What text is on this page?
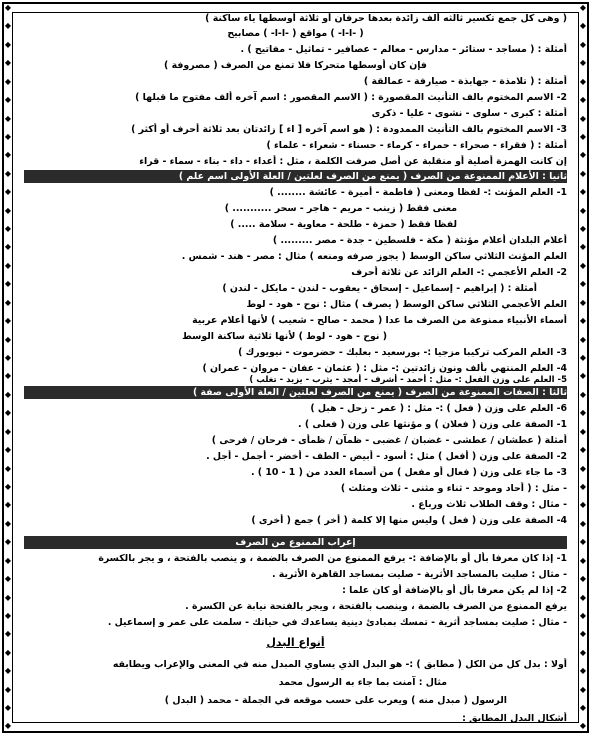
◆
◆
◆
◆
◆
◆
◆
◆
◆
◆
◆
◆
◆
◆
◆
◆
◆
◆
◆
◆
◆
◆
◆
◆
◆
◆
◆
◆
◆
◆
◆
◆
◆
◆
◆
◆
◆
◆
◆
◆
◆
◆
◆
◆
◆
◆
◆
◆
◆
◆
◆
◆
◆
◆
◆
◆
◆
◆
◆
◆
◆
◆
◆
◆
◆
◆
◆
◆
◆
◆
◆
◆
◆
◆
◆
◆
◆
◆
◆
◆
( وهى كل جمع تكسير ثالثه ألف زائدة بعدها حرفان أو ثلاثة أوسطها ياء ساكنة )
( -ا-ا- ) مواقع ( -ا-ا- ) مصابيح
أمثلة : ( مساجد - ستائر - مدارس - معالم - عصافير - تماثيل - مفاتيح ) .
فإن كان أوسطها متحركا فلا تمنع من الصرف ( مصروفة )
أمثلة : ( تلامذة - جهابذة - صيارفة - عمالقة )
2- الاسم المختوم بالف التأنيث المقصورة : ( الاسم المقصور : اسم آخره ألف مفتوح ما قبلها )
أمثلة : كبرى - سلوى - نشوى - عليا - ذكرى
3- الاسم المختوم بالف التأنيث الممدودة : ( هو اسم آخره [ اء ] زائدتان بعد ثلاثة أحرف أو أكثر )
أمثلة : ( فقراء - صحراء - حمراء - كرماء - حسناء - شعراء - علماء )
إن كانت الهمزة أصلية أو منقلبة عن أصل صرفت الكلمة ، مثل : أعداء - داء - بناء - سماء - قراء
ثانيا : الأعلام الممنوعة من الصرف ( يمنع من الصرف لعلتين / العلة الأولى اسم علم )
1- العلم المؤنث :- لفظا ومعنى ( فاطمة - أميرة - عائشة ........ )
معنى فقط ( زينب - مريم - هاجر - سحر ........... )
لفظا فقط ( حمزة - طلحة - معاوية - سلامة ..... )
أعلام البلدان أعلام مؤنثة ( مكة - فلسطين - جدة - مصر ......... )
العلم المؤنث الثلاثي ساكن الوسط ( يجوز صرفه ومنعه ) مثال : مصر - هند - شمس .
2- العلم الأعجمي :- العلم الزائد عن ثلاثة أحرف
أمثلة : ( إبراهيم - إسماعيل - إسحاق - يعقوب - لندن - مايكل - لندن )
العلم الأعجمي الثلاثي ساكن الوسط ( يصرف ) مثال : نوح - هود - لوط
أسماء الأنبياء ممنوعة من الصرف ما عدا ( محمد - صالح - شعيب ) لأنها أعلام عربية
( نوح - هود - لوط ) لأنها ثلاثية ساكنة الوسط
3- العلم المركب تركيبا مزجيا :- بورسعيد - بعلبك - حضرموت - نيويورك )
4- العلم المنتهي بألف ونون زائدتين :- مثل : ( عثمان - عفان - مروان - عمران )
5- العلم على وزن الفعل :- مثل : أحمد - أشرف - أمجد - يثرب - يزيد - تغلب )
ثالثا : الصفات الممنوعة من الصرف ( يمنع من الصرف لعلتين / العلة الأولى صفة )
6- العلم على وزن ( فعل ) :- مثل : ( عمر - زحل - هبل )
1- الصفة على وزن ( فعلان ) و مؤنثها على وزن ( فعلى ) .
أمثلة ( عطشان / عطشى - غضبان / غضبى - ظمآن / ظمأى - فرحان / فرحى )
2- الصفة على وزن ( أفعل ) مثل : أسود - أبيض - الطف - أخضر - أجمل - أجل .
3- ما جاء على وزن ( فعال أو مفعل ) من أسماء العدد من ( 1 - 10 ) .
- مثل : ( أحاد وموحد - ثناء و مثنى - ثلاث ومثلث )
- مثال : وقف الطلاب ثلاث ورباع .
4- الصفة على وزن ( فعل ) وليس منها إلا كلمة ( أخر ) جمع ( أخرى )
إعراب الممنوع من الصرف
1- إذا كان معرفا بأل أو بالإضافة :- يرفع الممنوع من الصرف بالضمة ، و ينصب بالفتحة ، و يجر بالكسرة
- مثال : صليت بالمساجد الأثرية - صليت بمساجد القاهرة الأثرية .
2- إذا لم يكن معرفا بأل أو بالإضافة أو كان علما :
يرفع الممنوع من الصرف بالضمة ، وينصب بالفتحة ، ويجر بالفتحة نيابة عن الكسرة .
- مثال : صليت بمساجد أثرية - تمسك بمبادئ دينية يساعدك في حياتك - سلمت على عمر و إسماعيل .
أنواع البدل
أولا : بدل كل من الكل ( مطابق ) :- هو البدل الذي يساوي المبدل منه في المعنى والإعراب ويطابقه
مثال : آمنت بما جاء به الرسول محمد
الرسول ( مبدل منه ) ويعرب على حسب موقعه في الجملة - محمد ( البدل )
أشكال البدل المطابق :
